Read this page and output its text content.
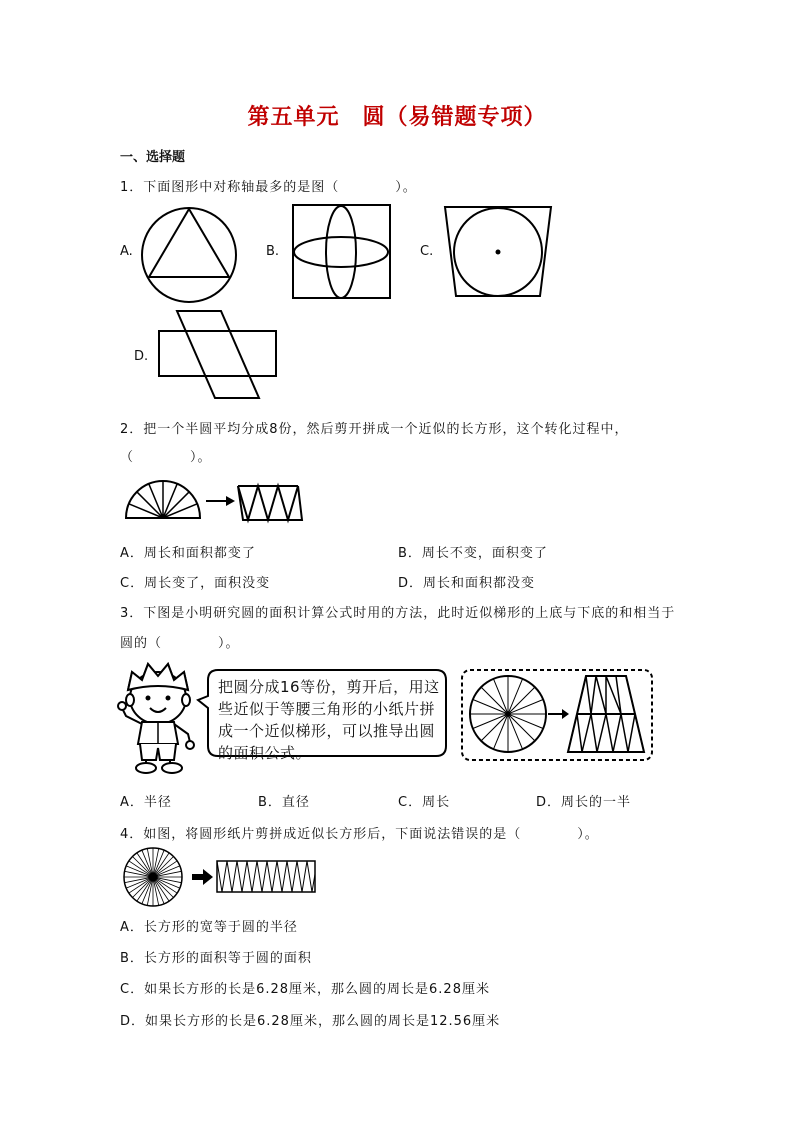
第五单元　圆（易错题专项）
一、选择题
1．下面图形中对称轴最多的是图（　　　　）。
A.	B.	C.
D.
2．把一个半圆平均分成8份，然后剪开拼成一个近似的长方形，这个转化过程中，
（　　　　）。
A．周长和面积都变了	B．周长不变，面积变了
C．周长变了，面积没变	D．周长和面积都没变
3．下图是小明研究圆的面积计算公式时用的方法，此时近似梯形的上底与下底的和相当于
圆的（　　　　）。
把圆分成16等份，剪开后，用这些近似于等腰三角形的小纸片拼成一个近似梯形，可以推导出圆的面积公式。
A．半径	B．直径	C．周长	D．周长的一半
4．如图，将圆形纸片剪拼成近似长方形后，下面说法错误的是（　　　　）。
A．长方形的宽等于圆的半径
B．长方形的面积等于圆的面积
C．如果长方形的长是6.28厘米，那么圆的周长是6.28厘米
D．如果长方形的长是6.28厘米，那么圆的周长是12.56厘米
